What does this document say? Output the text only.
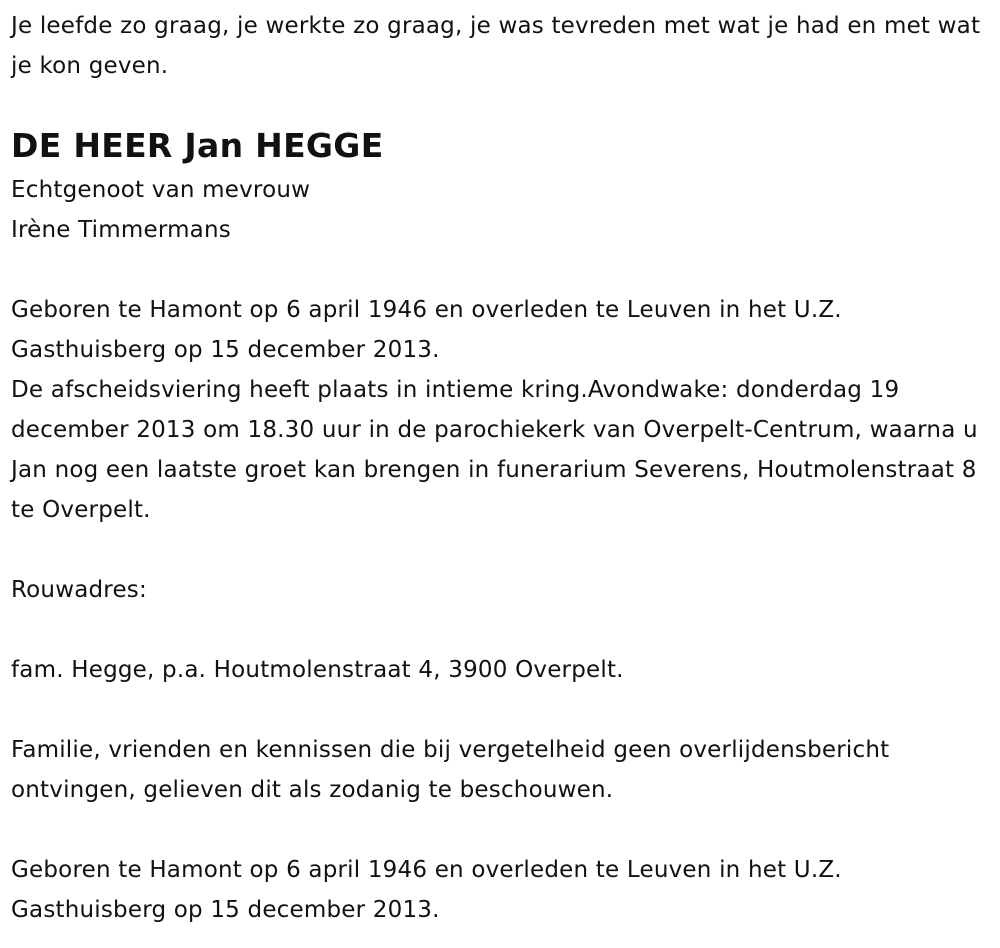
Je leefde zo graag, je werkte zo graag, je was tevreden met wat je had en met wat je kon geven.

DE HEER Jan HEGGE

Echtgenoot van mevrouw

Irène Timmermans

Geboren te Hamont op 6 april 1946 en overleden te Leuven in het U.Z. Gasthuisberg op 15 december 2013.

De afscheidsviering heeft plaats in intieme kring.Avondwake: donderdag 19 december 2013 om 18.30 uur in de parochiekerk van Overpelt-Centrum, waarna u Jan nog een laatste groet kan brengen in funerarium Severens, Houtmolenstraat 8 te Overpelt.

Rouwadres:

fam. Hegge, p.a. Houtmolenstraat 4, 3900 Overpelt.

Familie, vrienden en kennissen die bij vergetelheid geen overlijdensbericht ontvingen, gelieven dit als zodanig te beschouwen.

Geboren te Hamont op 6 april 1946 en overleden te Leuven in het U.Z. Gasthuisberg op 15 december 2013.
